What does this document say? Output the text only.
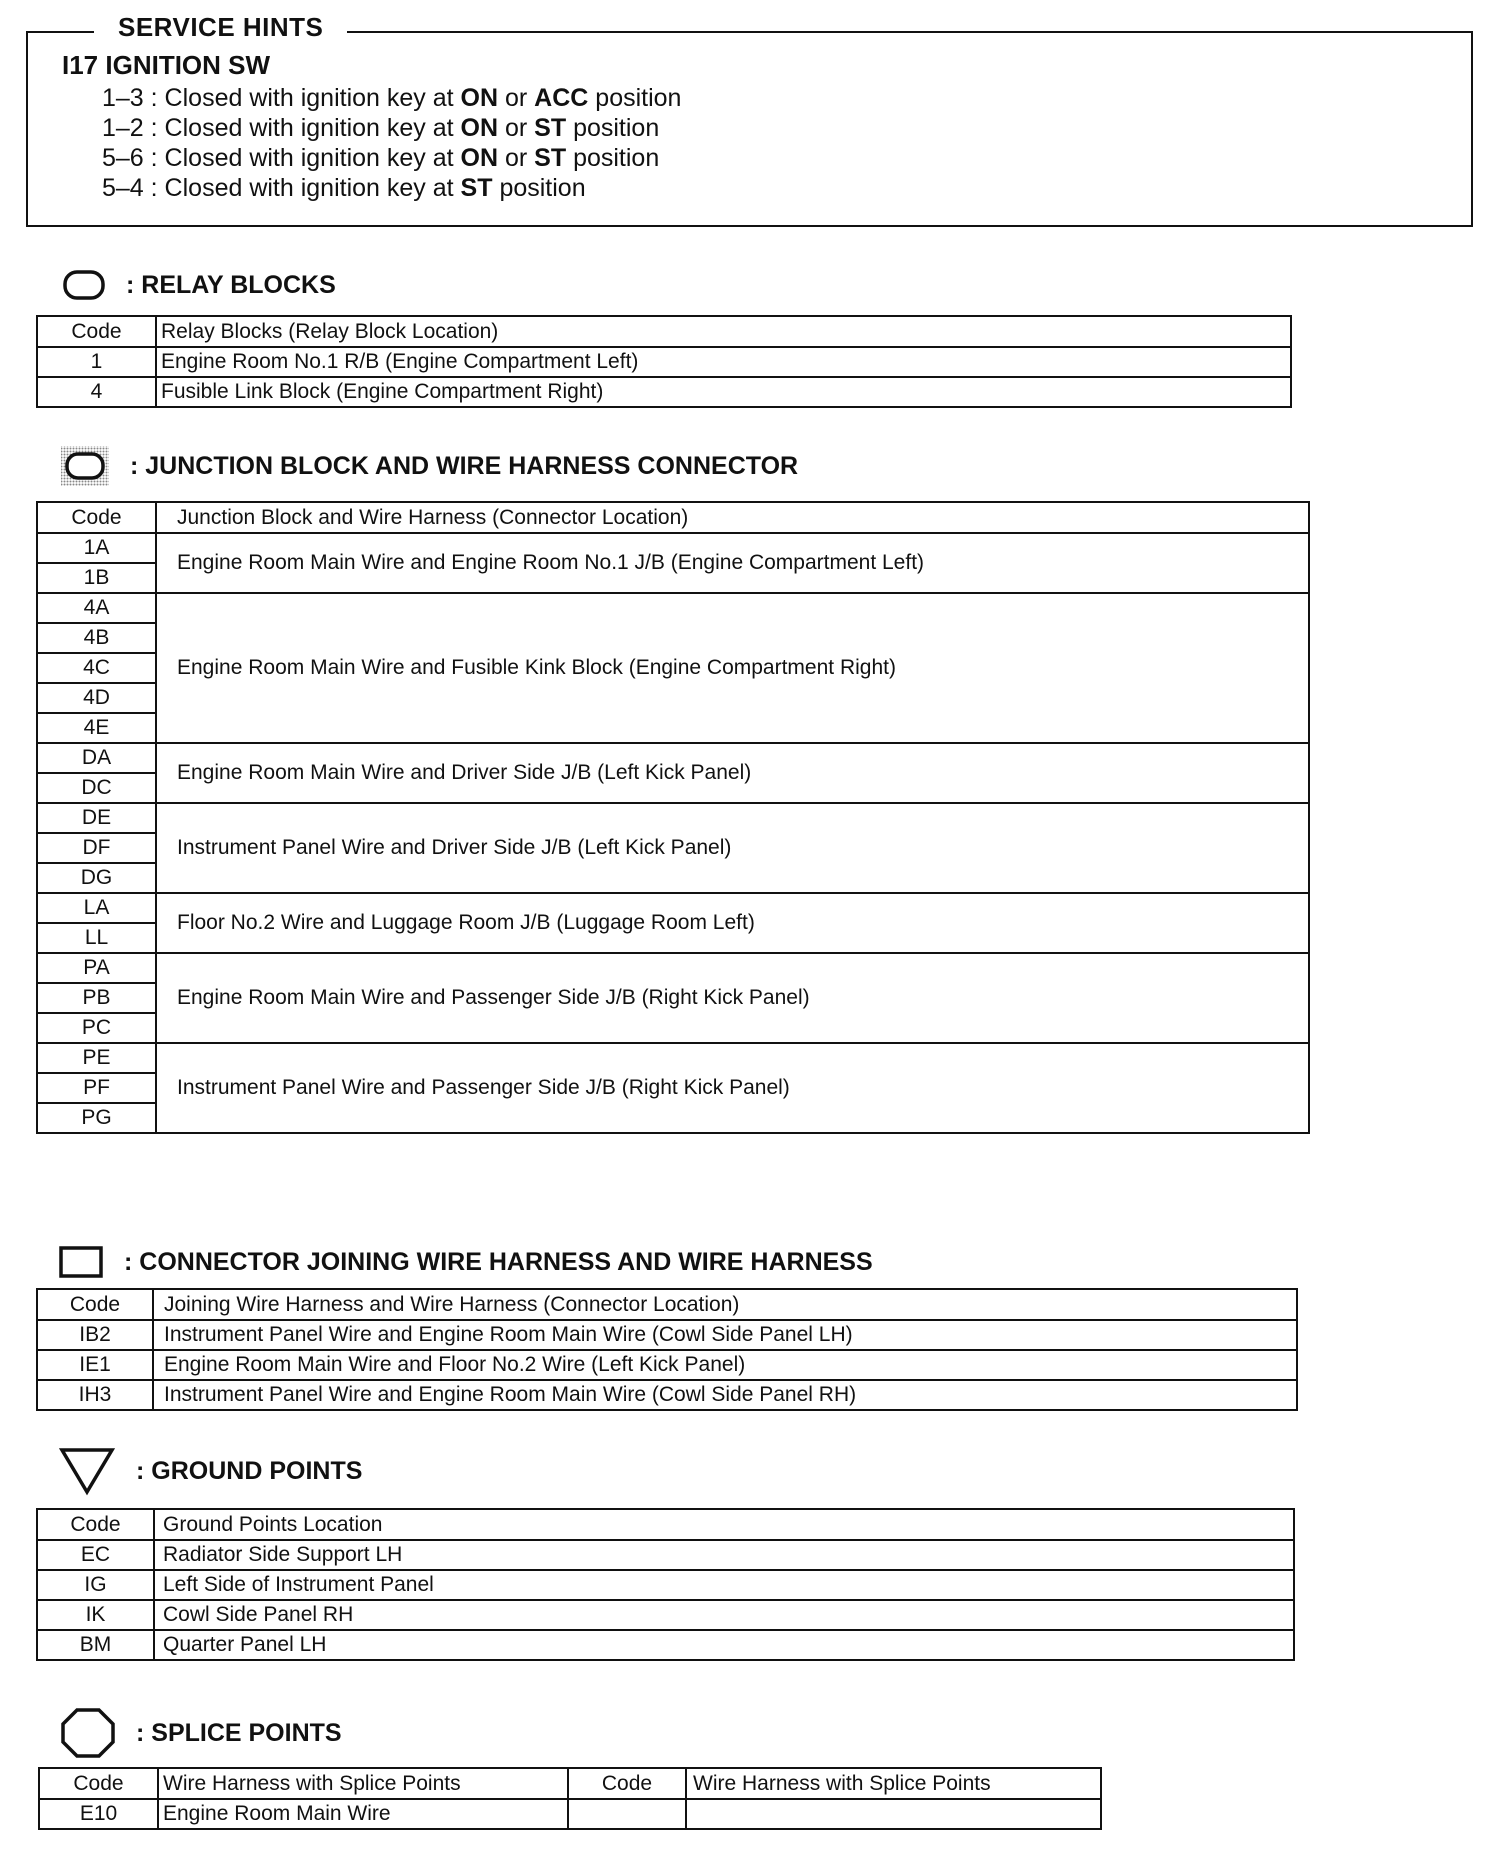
SERVICE HINTS
I17 IGNITION SW
1–3 : Closed with ignition key at ON or ACC position
1–2 : Closed with ignition key at ON or ST position
5–6 : Closed with ignition key at ON or ST position
5–4 : Closed with ignition key at ST position
: RELAY BLOCKS
Code	Relay Blocks (Relay Block Location)
1	Engine Room No.1 R/B (Engine Compartment Left)
4	Fusible Link Block (Engine Compartment Right)
: JUNCTION BLOCK AND WIRE HARNESS CONNECTOR
Code	Junction Block and Wire Harness (Connector Location)
1A	Engine Room Main Wire and Engine Room No.1 J/B (Engine Compartment Left)
1B	
4A	Engine Room Main Wire and Fusible Kink Block (Engine Compartment Right)
4B	
4C	
4D	
4E	
DA	Engine Room Main Wire and Driver Side J/B (Left Kick Panel)
DC	
DE	Instrument Panel Wire and Driver Side J/B (Left Kick Panel)
DF	
DG	
LA	Floor No.2 Wire and Luggage Room J/B (Luggage Room Left)
LL	
PA	Engine Room Main Wire and Passenger Side J/B (Right Kick Panel)
PB	
PC	
PE	Instrument Panel Wire and Passenger Side J/B (Right Kick Panel)
PF	
PG	
: CONNECTOR JOINING WIRE HARNESS AND WIRE HARNESS
Code	Joining Wire Harness and Wire Harness (Connector Location)
IB2	Instrument Panel Wire and Engine Room Main Wire (Cowl Side Panel LH)
IE1	Engine Room Main Wire and Floor No.2 Wire (Left Kick Panel)
IH3	Instrument Panel Wire and Engine Room Main Wire (Cowl Side Panel RH)
: GROUND POINTS
Code	Ground Points Location
EC	Radiator Side Support LH
IG	Left Side of Instrument Panel
IK	Cowl Side Panel RH
BM	Quarter Panel LH
: SPLICE POINTS
Code	Wire Harness with Splice Points	Code	Wire Harness with Splice Points
E10	Engine Room Main Wire		
